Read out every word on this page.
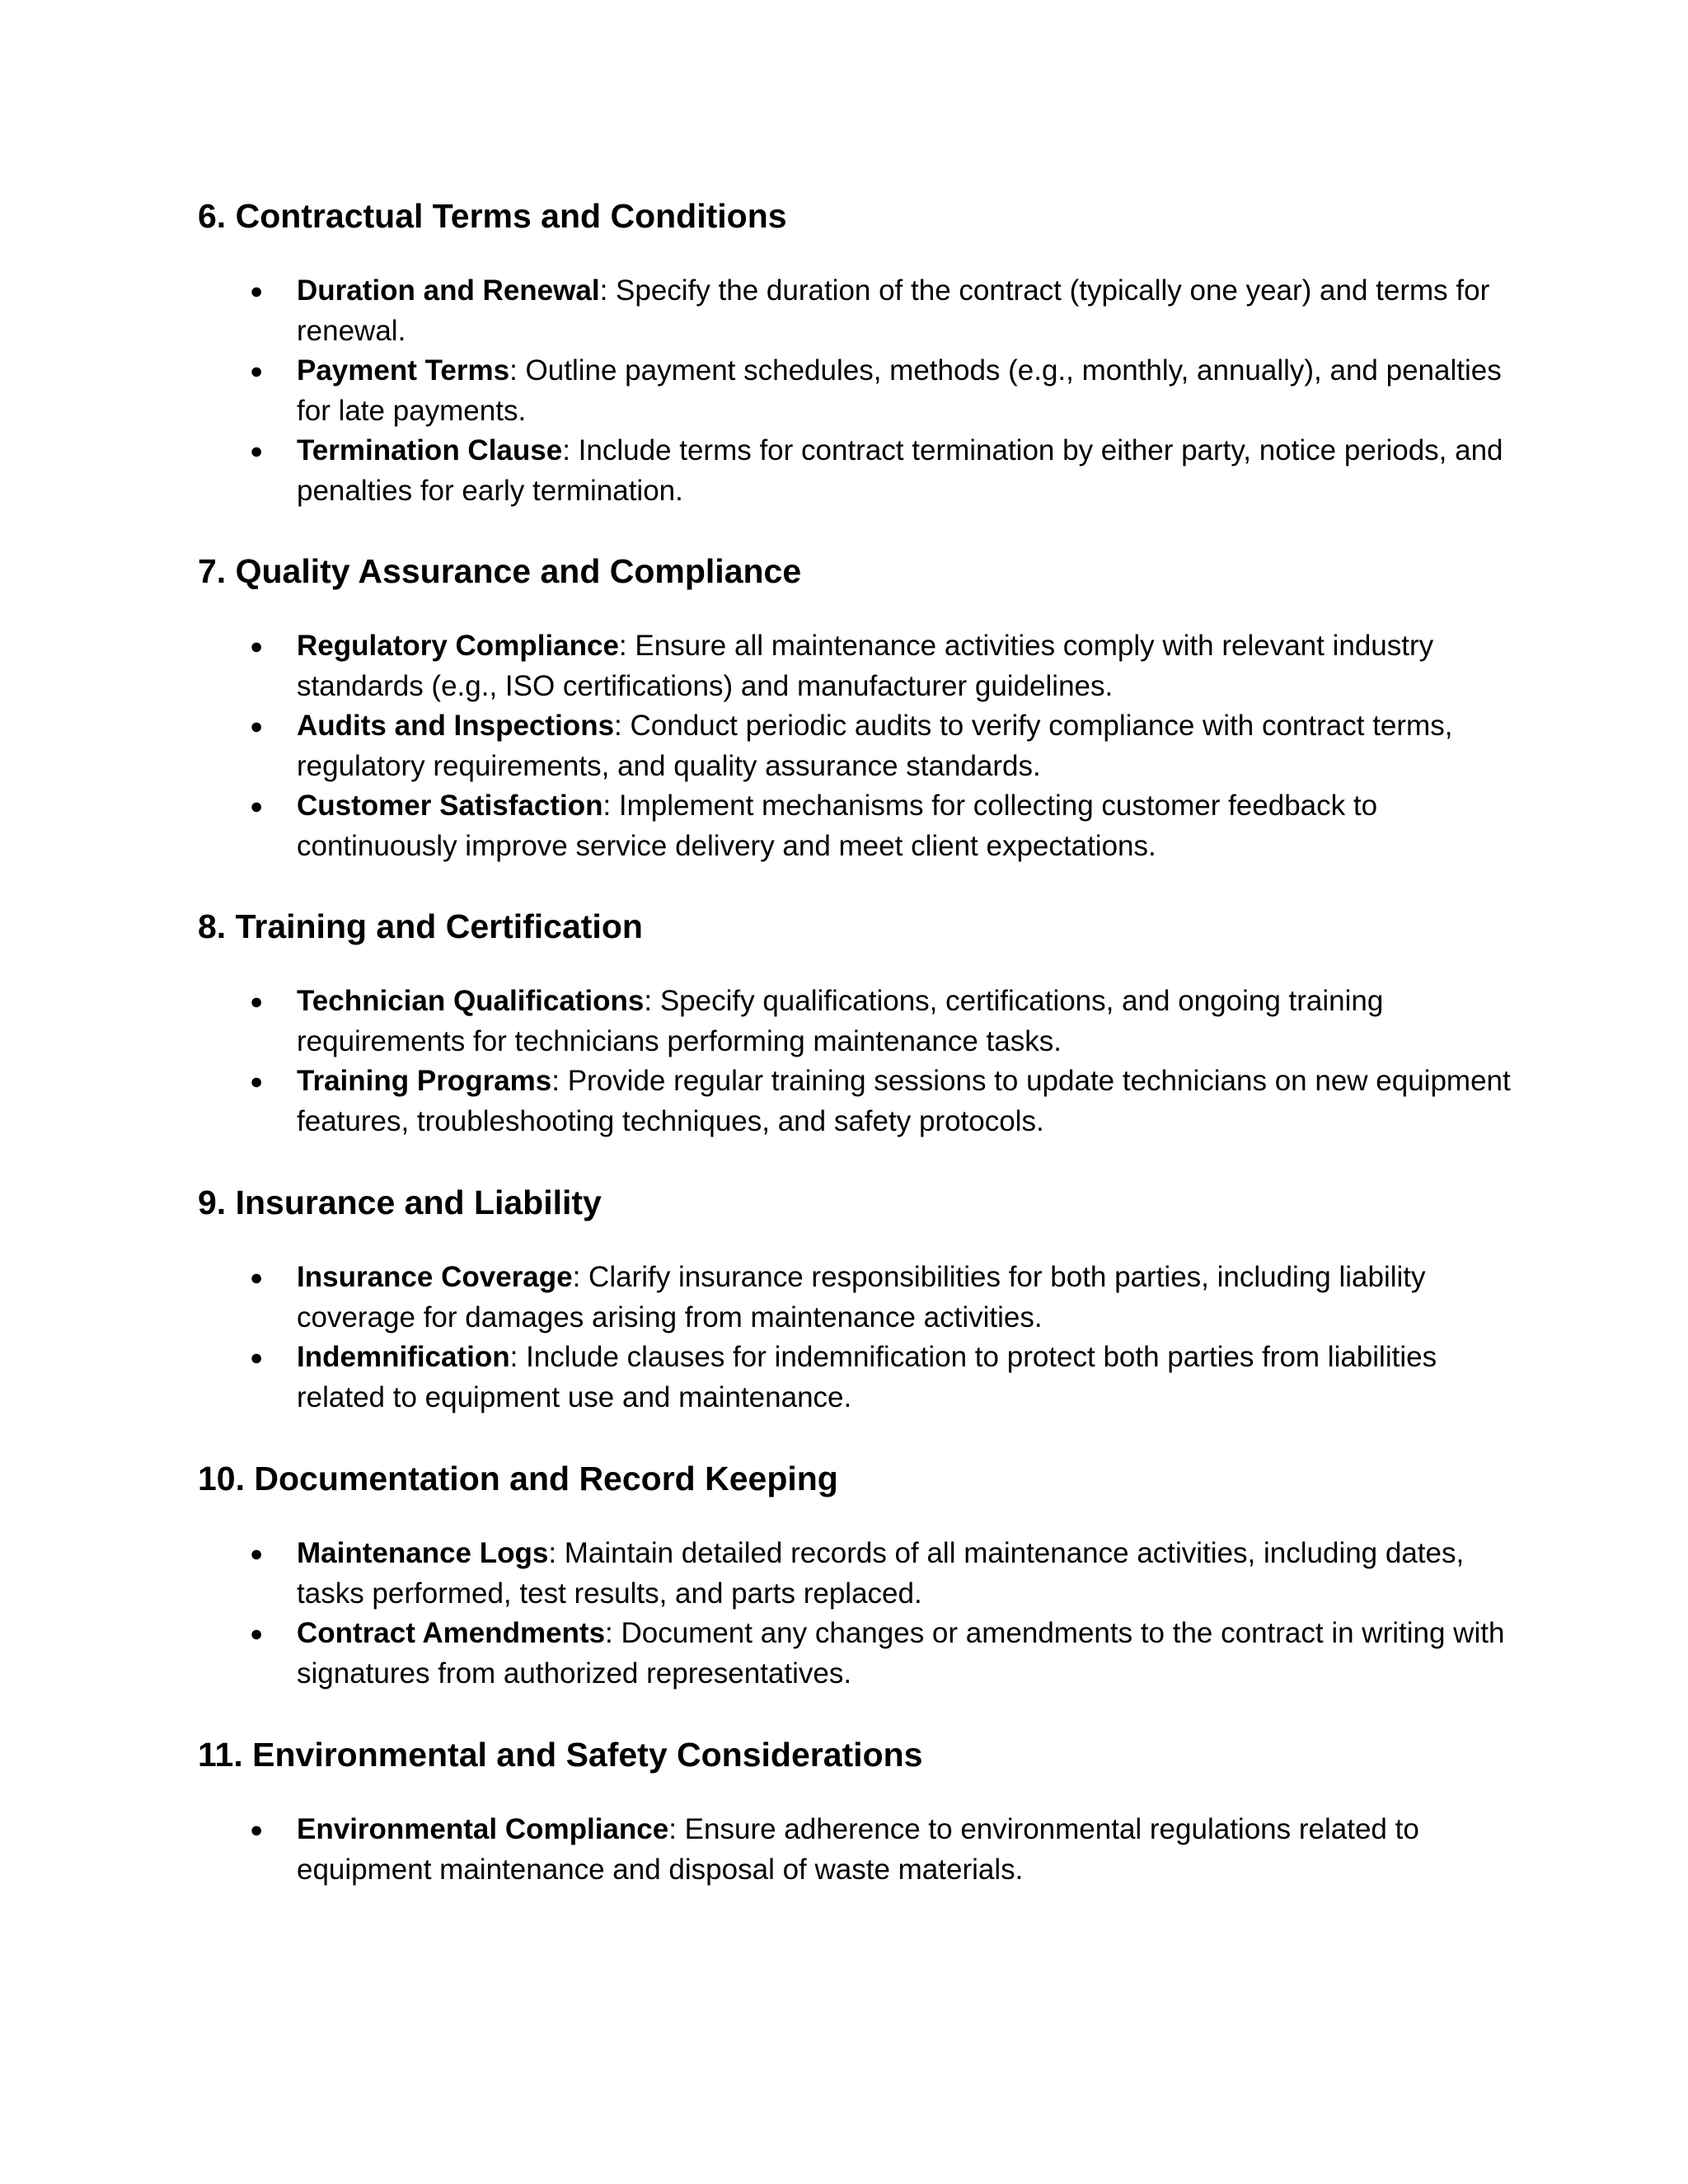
6. Contractual Terms and Conditions
●	Duration and Renewal: Specify the duration of the contract (typically one year) and terms for renewal.
●	Payment Terms: Outline payment schedules, methods (e.g., monthly, annually), and penalties for late payments.
●	Termination Clause: Include terms for contract termination by either party, notice periods, and penalties for early termination.
7. Quality Assurance and Compliance
●	Regulatory Compliance: Ensure all maintenance activities comply with relevant industry standards (e.g., ISO certifications) and manufacturer guidelines.
●	Audits and Inspections: Conduct periodic audits to verify compliance with contract terms, regulatory requirements, and quality assurance standards.
●	Customer Satisfaction: Implement mechanisms for collecting customer feedback to continuously improve service delivery and meet client expectations.
8. Training and Certification
●	Technician Qualifications: Specify qualifications, certifications, and ongoing training requirements for technicians performing maintenance tasks.
●	Training Programs: Provide regular training sessions to update technicians on new equipment features, troubleshooting techniques, and safety protocols.
9. Insurance and Liability
●	Insurance Coverage: Clarify insurance responsibilities for both parties, including liability coverage for damages arising from maintenance activities.
●	Indemnification: Include clauses for indemnification to protect both parties from liabilities related to equipment use and maintenance.
10. Documentation and Record Keeping
●	Maintenance Logs: Maintain detailed records of all maintenance activities, including dates, tasks performed, test results, and parts replaced.
●	Contract Amendments: Document any changes or amendments to the contract in writing with signatures from authorized representatives.
11. Environmental and Safety Considerations
●	Environmental Compliance: Ensure adherence to environmental regulations related to equipment maintenance and disposal of waste materials.
